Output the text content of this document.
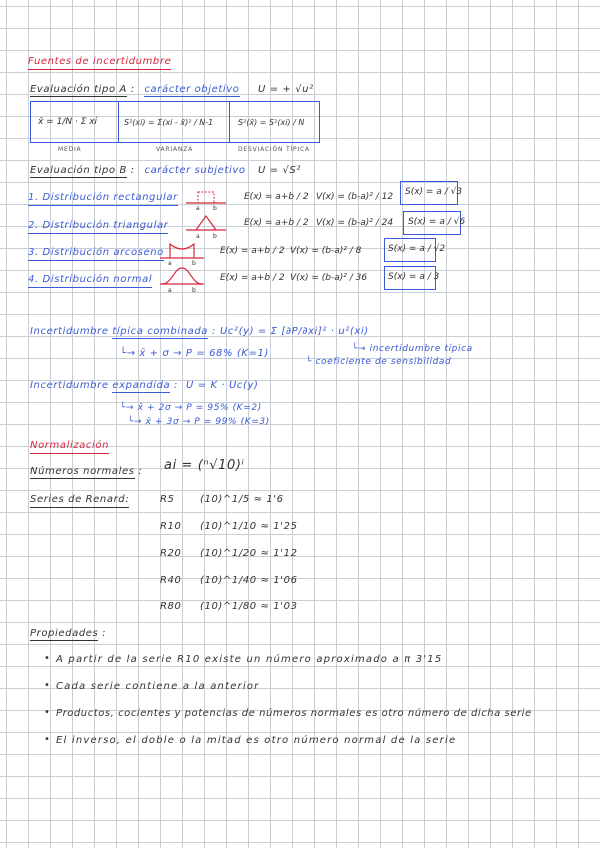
Fuentes de incertidumbre
Evaluación tipo A : carácter objetivo U = + √u²
x̄ = 1/N · Σ xi	S²(xi) = Σ(xi - x̄)² / N-1	S²(x̄) = S²(xi) / N
MEDIA	VARIANZA	DESVIACIÓN TÍPICA
Evaluación tipo B : carácter subjetivo U = √S²
1. Distribución rectangular
a b
E(x) = a+b / 2 V(x) = (b-a)² / 12 S(x) = a / √3
2. Distribución triangular
a b
E(x) = a+b / 2 V(x) = (b-a)² / 24 S(x) = a / √6
3. Distribución arcoseno
a	b
E(x) = a+b / 2 V(x) = (b-a)² / 8	S(x) = a / √2
4. Distribución normal
a	b
E(x) = a+b / 2 V(x) = (b-a)² / 36 S(x) = a / 3
Incertidumbre típica combinada : Uc²(y) = Σ [∂P/∂xi]² · u²(xi)
└→ x̄ + σ → P = 68% (K=1)	└→ incertidumbre típica
└ coeficiente de sensibilidad
Incertidumbre expandida : U = K · Uc(y)
└→ x̄ + 2σ → P = 95% (K=2)
└→ x̄ + 3σ → P = 99% (K=3)
Normalización
Números normales : ai = (ⁿ√10)ⁱ
Series de Renard:	R5	(10)^1/5 ≈ 1'6
R10 (10)^1/10 ≈ 1'25
R20 (10)^1/20 ≈ 1'12
R40 (10)^1/40 ≈ 1'06
R80 (10)^1/80 ≈ 1'03
Propiedades :
• A partir de la serie R10 existe un número aproximado a π 3'15
• Cada serie contiene a la anterior
• Productos, cocientes y potencias de números normales es otro número de dicha serie
• El inverso, el doble o la mitad es otro número normal de la serie
